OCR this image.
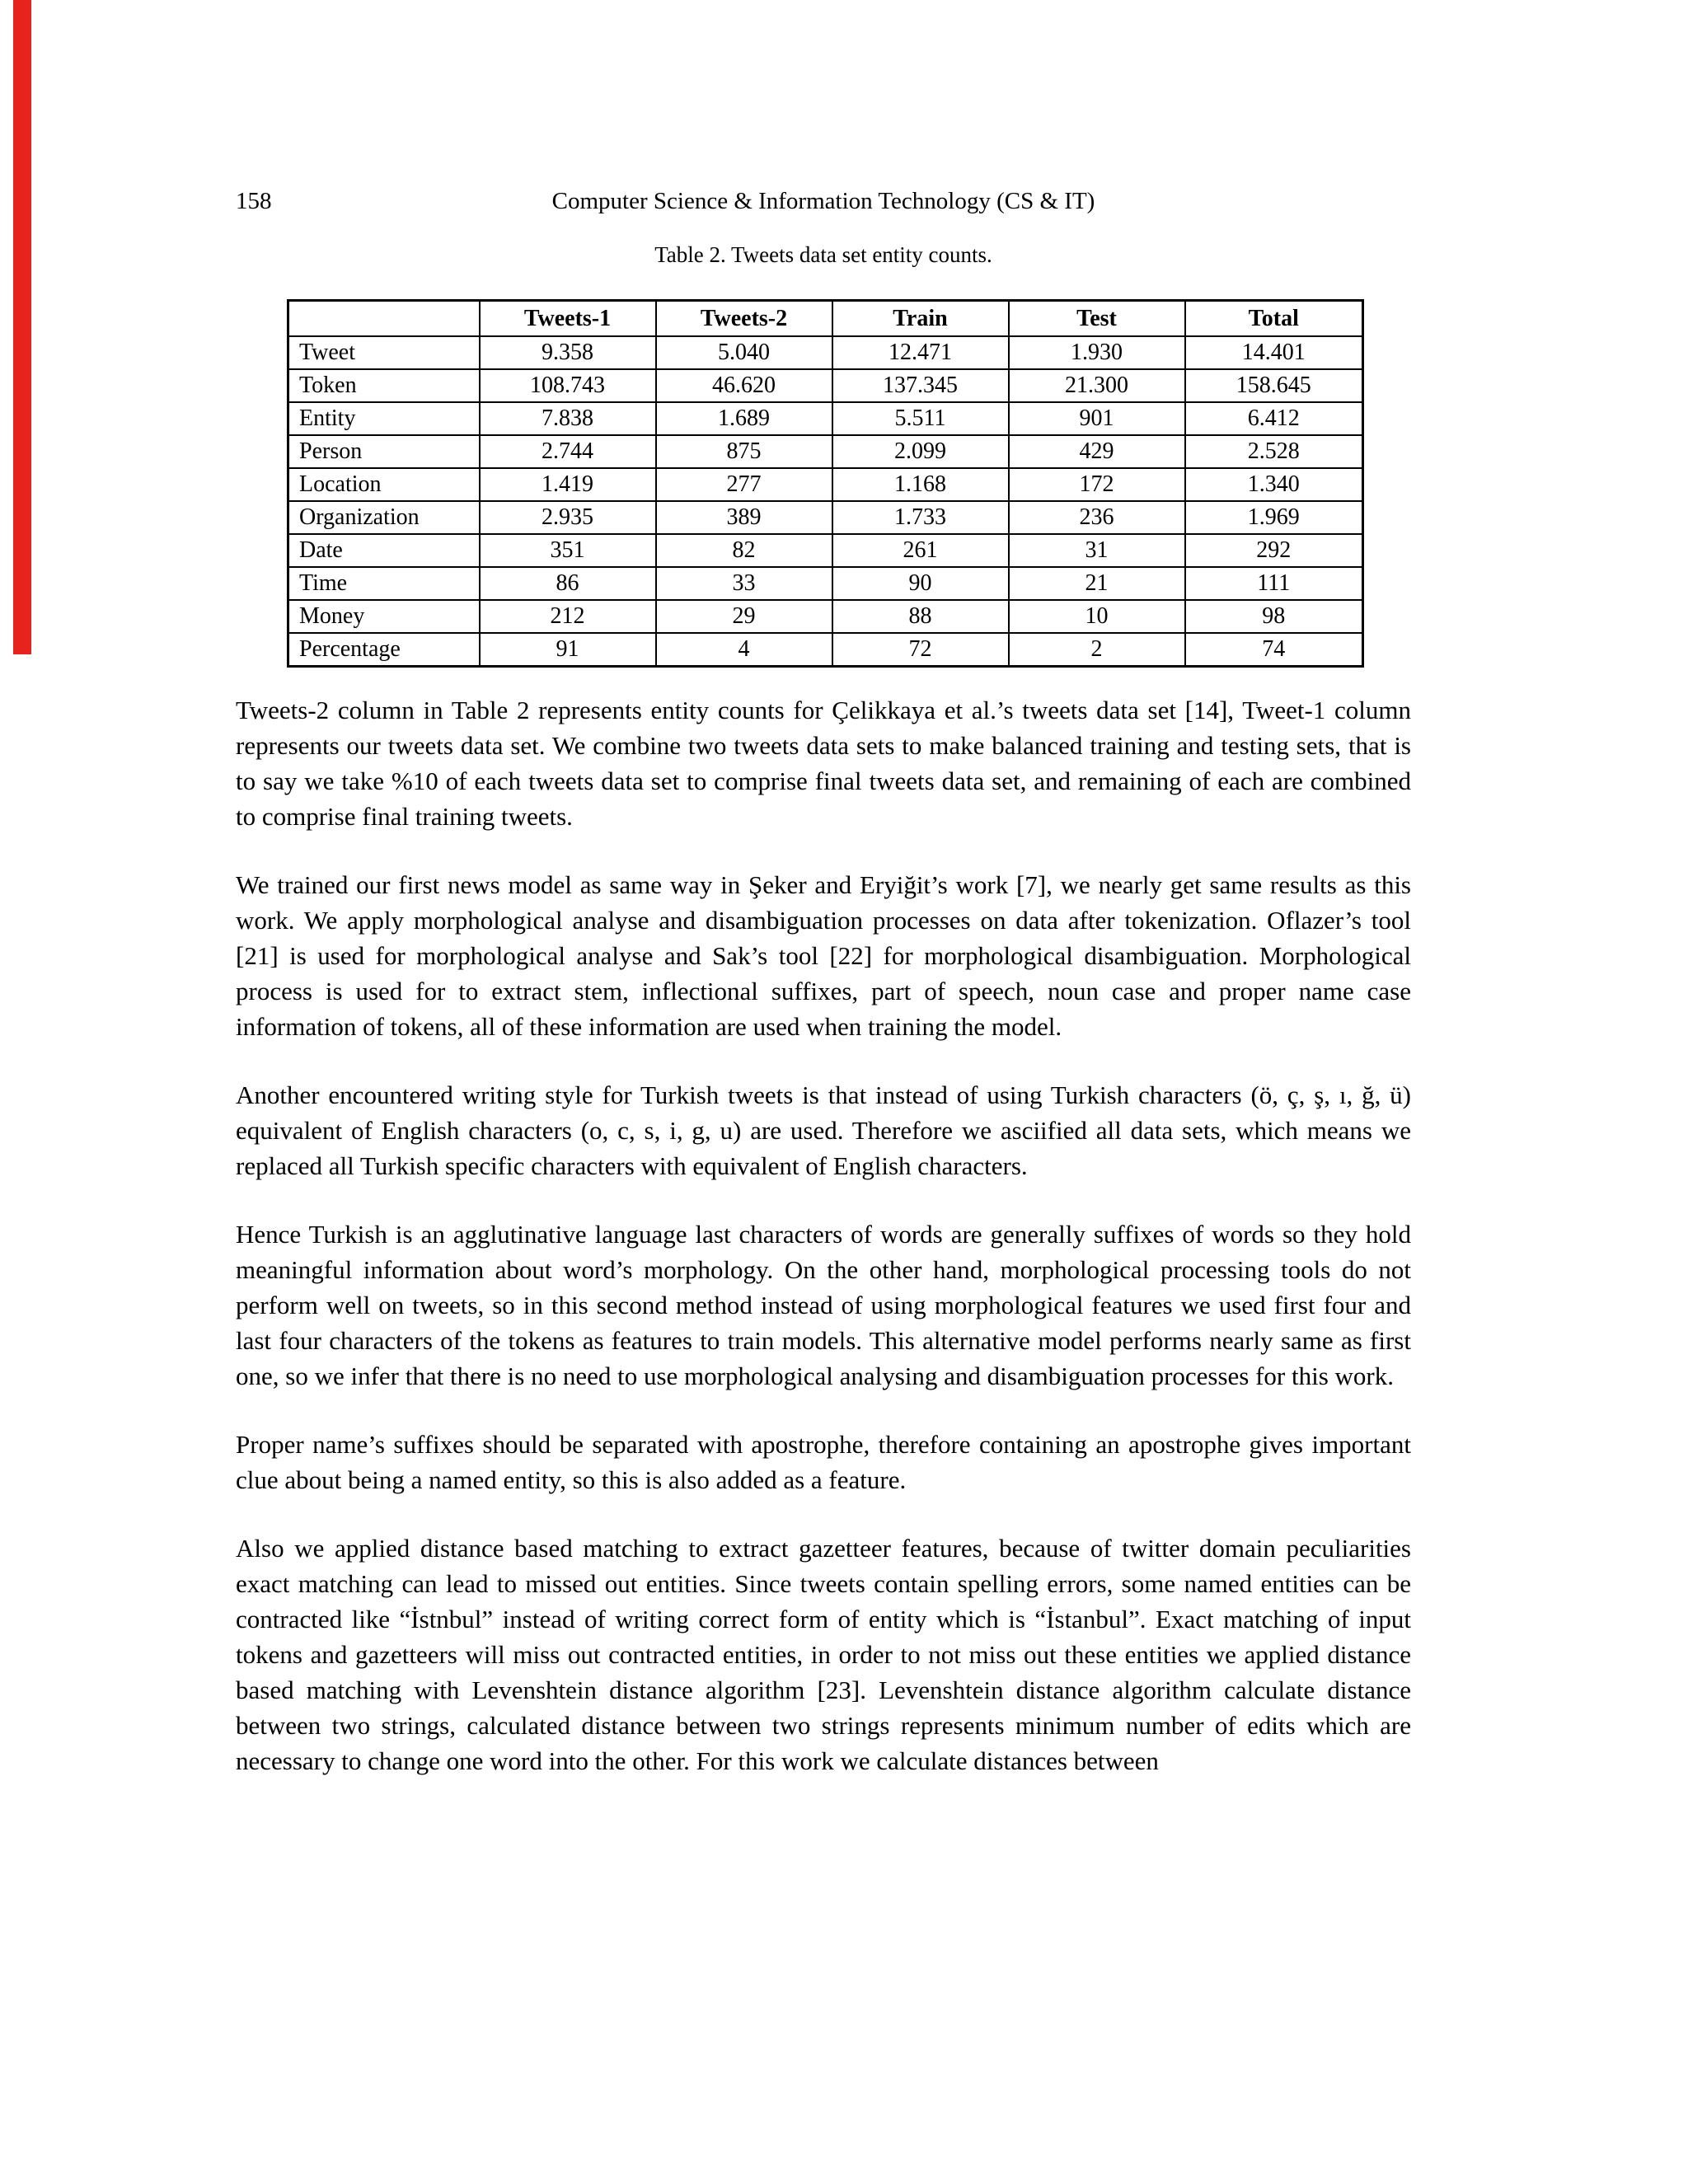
158	Computer Science & Information Technology (CS & IT)
Table 2. Tweets data set entity counts.
	Tweets-1	Tweets-2	Train	Test	Total
Tweet	9.358	5.040	12.471	1.930	14.401
Token	108.743	46.620	137.345	21.300	158.645
Entity	7.838	1.689	5.511	901	6.412
Person	2.744	875	2.099	429	2.528
Location	1.419	277	1.168	172	1.340
Organization	2.935	389	1.733	236	1.969
Date	351	82	261	31	292
Time	86	33	90	21	111
Money	212	29	88	10	98
Percentage	91	4	72	2	74

Tweets-2 column in Table 2 represents entity counts for Çelikkaya et al.’s tweets data set [14], Tweet-1 column represents our tweets data set. We combine two tweets data sets to make balanced training and testing sets, that is to say we take %10 of each tweets data set to comprise final tweets data set, and remaining of each are combined to comprise final training tweets.

We trained our first news model as same way in Şeker and Eryiğit’s work [7], we nearly get same results as this work. We apply morphological analyse and disambiguation processes on data after tokenization. Oflazer’s tool [21] is used for morphological analyse and Sak’s tool [22] for morphological disambiguation. Morphological process is used for to extract stem, inflectional suffixes, part of speech, noun case and proper name case information of tokens, all of these information are used when training the model.

Another encountered writing style for Turkish tweets is that instead of using Turkish characters (ö, ç, ş, ı, ğ, ü) equivalent of English characters (o, c, s, i, g, u) are used. Therefore we asciified all data sets, which means we replaced all Turkish specific characters with equivalent of English characters.

Hence Turkish is an agglutinative language last characters of words are generally suffixes of words so they hold meaningful information about word’s morphology. On the other hand, morphological processing tools do not perform well on tweets, so in this second method instead of using morphological features we used first four and last four characters of the tokens as features to train models. This alternative model performs nearly same as first one, so we infer that there is no need to use morphological analysing and disambiguation processes for this work.

Proper name’s suffixes should be separated with apostrophe, therefore containing an apostrophe gives important clue about being a named entity, so this is also added as a feature.

Also we applied distance based matching to extract gazetteer features, because of twitter domain peculiarities exact matching can lead to missed out entities. Since tweets contain spelling errors, some named entities can be contracted like “İstnbul” instead of writing correct form of entity which is “İstanbul”. Exact matching of input tokens and gazetteers will miss out contracted entities, in order to not miss out these entities we applied distance based matching with Levenshtein distance algorithm [23]. Levenshtein distance algorithm calculate distance between two strings, calculated distance between two strings represents minimum number of edits which are necessary to change one word into the other. For this work we calculate distances between
